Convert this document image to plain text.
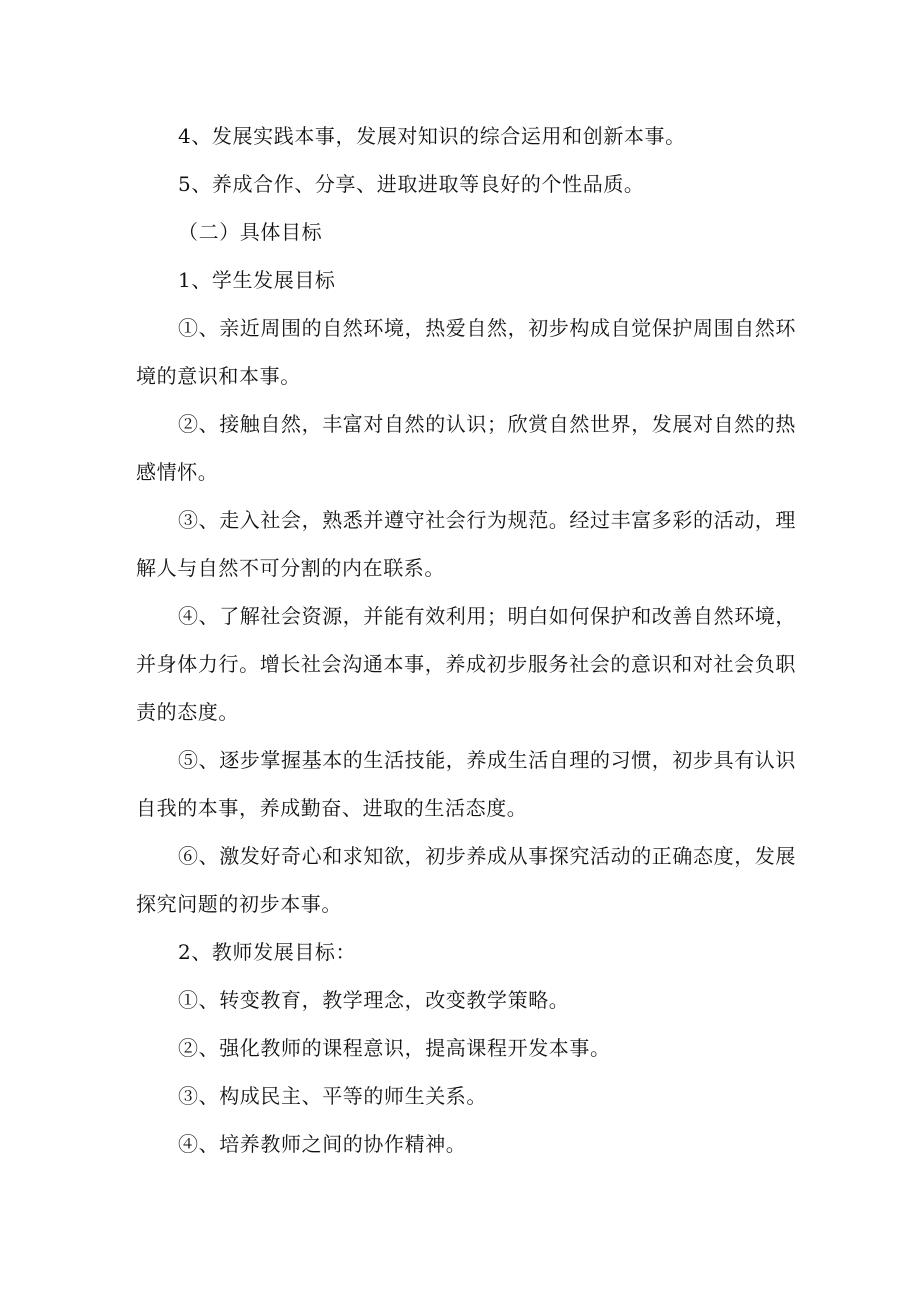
4、发展实践本事，发展对知识的综合运用和创新本事。

5、养成合作、分享、进取进取等良好的个性品质。

（二）具体目标

1、学生发展目标

①、亲近周围的自然环境，热爱自然，初步构成自觉保护周围自然环境的意识和本事。

②、接触自然，丰富对自然的认识；欣赏自然世界，发展对自然的热感情怀。

③、走入社会，熟悉并遵守社会行为规范。经过丰富多彩的活动，理解人与自然不可分割的内在联系。

④、了解社会资源，并能有效利用；明白如何保护和改善自然环境，并身体力行。增长社会沟通本事，养成初步服务社会的意识和对社会负职责的态度。

⑤、逐步掌握基本的生活技能，养成生活自理的习惯，初步具有认识自我的本事，养成勤奋、进取的生活态度。

⑥、激发好奇心和求知欲，初步养成从事探究活动的正确态度，发展探究问题的初步本事。

2、教师发展目标：

①、转变教育，教学理念，改变教学策略。

②、强化教师的课程意识，提高课程开发本事。

③、构成民主、平等的师生关系。

④、培养教师之间的协作精神。
